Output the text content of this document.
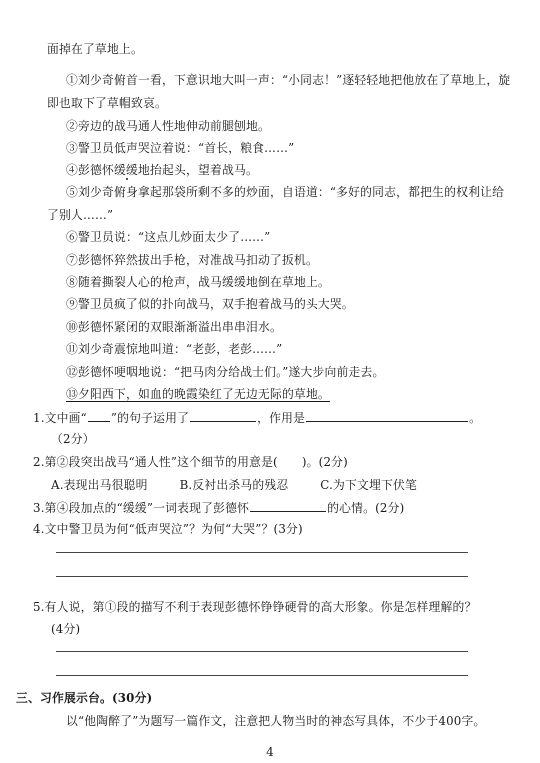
面掉在了草地上。
①刘少奇俯首一看，下意识地大叫一声：“小同志！”逐轻轻地把他放在了草地上，旋
即也取下了草帽致哀。
②旁边的战马通人性地伸动前腿刨地。
③警卫员低声哭泣着说：“首长，粮食……”
④彭德怀缓缓地抬起头，望着战马。
⑤刘少奇俯身拿起那袋所剩不多的炒面，自语道：“多好的同志，都把生的权利让给
了别人……”
⑥警卫员说：“这点儿炒面太少了……”
⑦彭德怀猝然拔出手枪，对准战马扣动了扳机。
⑧随着撕裂人心的枪声，战马缓缓地倒在草地上。
⑨警卫员疯了似的扑向战马，双手抱着战马的头大哭。
⑩彭德怀紧闭的双眼渐渐溢出串串泪水。
⑪刘少奇震惊地叫道：“老彭，老彭……”
⑫彭德怀哽咽地说：“把马肉分给战士们。”遂大步向前走去。
⑬夕阳西下，如血的晚霞染红了无边无际的草地。
1.文中画“ ”的句子运用了	，作用是	。
（2分）
2.第②段突出战马“通人性”这个细节的用意是(　　)。(2分)
A.表现出马很聪明	B.反衬出杀马的残忍	C.为下文埋下伏笔
3.第④段加点的“缓缓”一词表现了彭德怀	的心情。(2分)
4.文中警卫员为何“低声哭泣”？为何“大哭”？(3分)
5.有人说，第①段的描写不利于表现彭德怀铮铮硬骨的高大形象。你是怎样理解的？
(4分)
三、习作展示台。(30分)
以“他陶醉了”为题写一篇作文，注意把人物当时的神态写具体，不少于400字。
4
